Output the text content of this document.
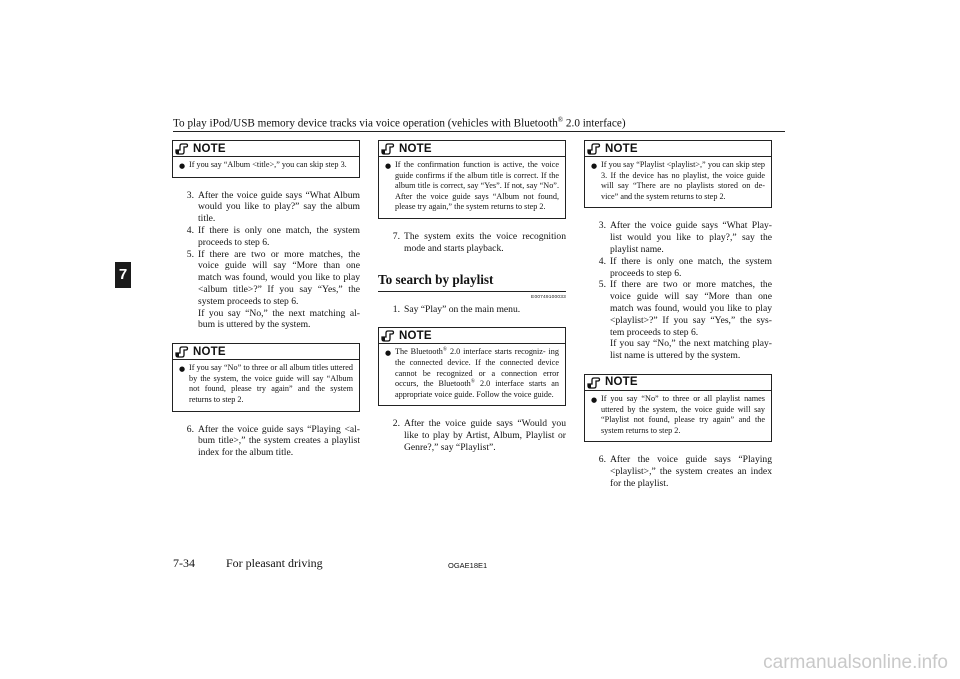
To play iPod/USB memory device tracks via voice operation (vehicles with Bluetooth® 2.0 interface)
7
NOTE
● If you say “Album <title>,” you can skip step 3.
3. After the voice guide says “What Album would you like to play?” say the album title.
4. If there is only one match, the system proceeds to step 6.
5. If there are two or more matches, the voice guide will say “More than one match was found, would you like to play <album title>?” If you say “Yes,” the system proceeds to step 6.
If you say “No,” the next matching al- bum is uttered by the system.
NOTE
● If you say “No” to three or all album titles uttered by the system, the voice guide will say “Album not found, please try again” and the system returns to step 2.
6. After the voice guide says “Playing <al- bum title>,” the system creates a playlist index for the album title.
NOTE
● If the confirmation function is active, the voice guide confirms if the album title is correct. If the album title is correct, say “Yes”. If not, say “No”. After the voice guide says “Album not found, please try again,” the system returns to step 2.
7. The system exits the voice recognition mode and starts playback.
To search by playlist
E00749100033
1. Say “Play” on the main menu.
NOTE
● The Bluetooth® 2.0 interface starts recogniz- ing the connected device. If the connected device cannot be recognized or a connection error occurs, the Bluetooth® 2.0 interface starts an appropriate voice guide. Follow the voice guide.
2. After the voice guide says “Would you like to play by Artist, Album, Playlist or Genre?,” say “Playlist”.
NOTE
● If you say “Playlist <playlist>,” you can skip step 3. If the device has no playlist, the voice guide will say “There are no playlists stored on de- vice” and the system returns to step 2.
3. After the voice guide says “What Play- list would you like to play?,” say the playlist name.
4. If there is only one match, the system proceeds to step 6.
5. If there are two or more matches, the voice guide will say “More than one match was found, would you like to play <playlist>?” If you say “Yes,” the sys- tem proceeds to step 6.
If you say “No,” the next matching play- list name is uttered by the system.
NOTE
● If you say “No” to three or all playlist names uttered by the system, the voice guide will say “Playlist not found, please try again” and the system returns to step 2.
6. After the voice guide says “Playing <playlist>,” the system creates an index for the playlist.
7-34	For pleasant driving	OGAE18E1
carmanualsonline.info
